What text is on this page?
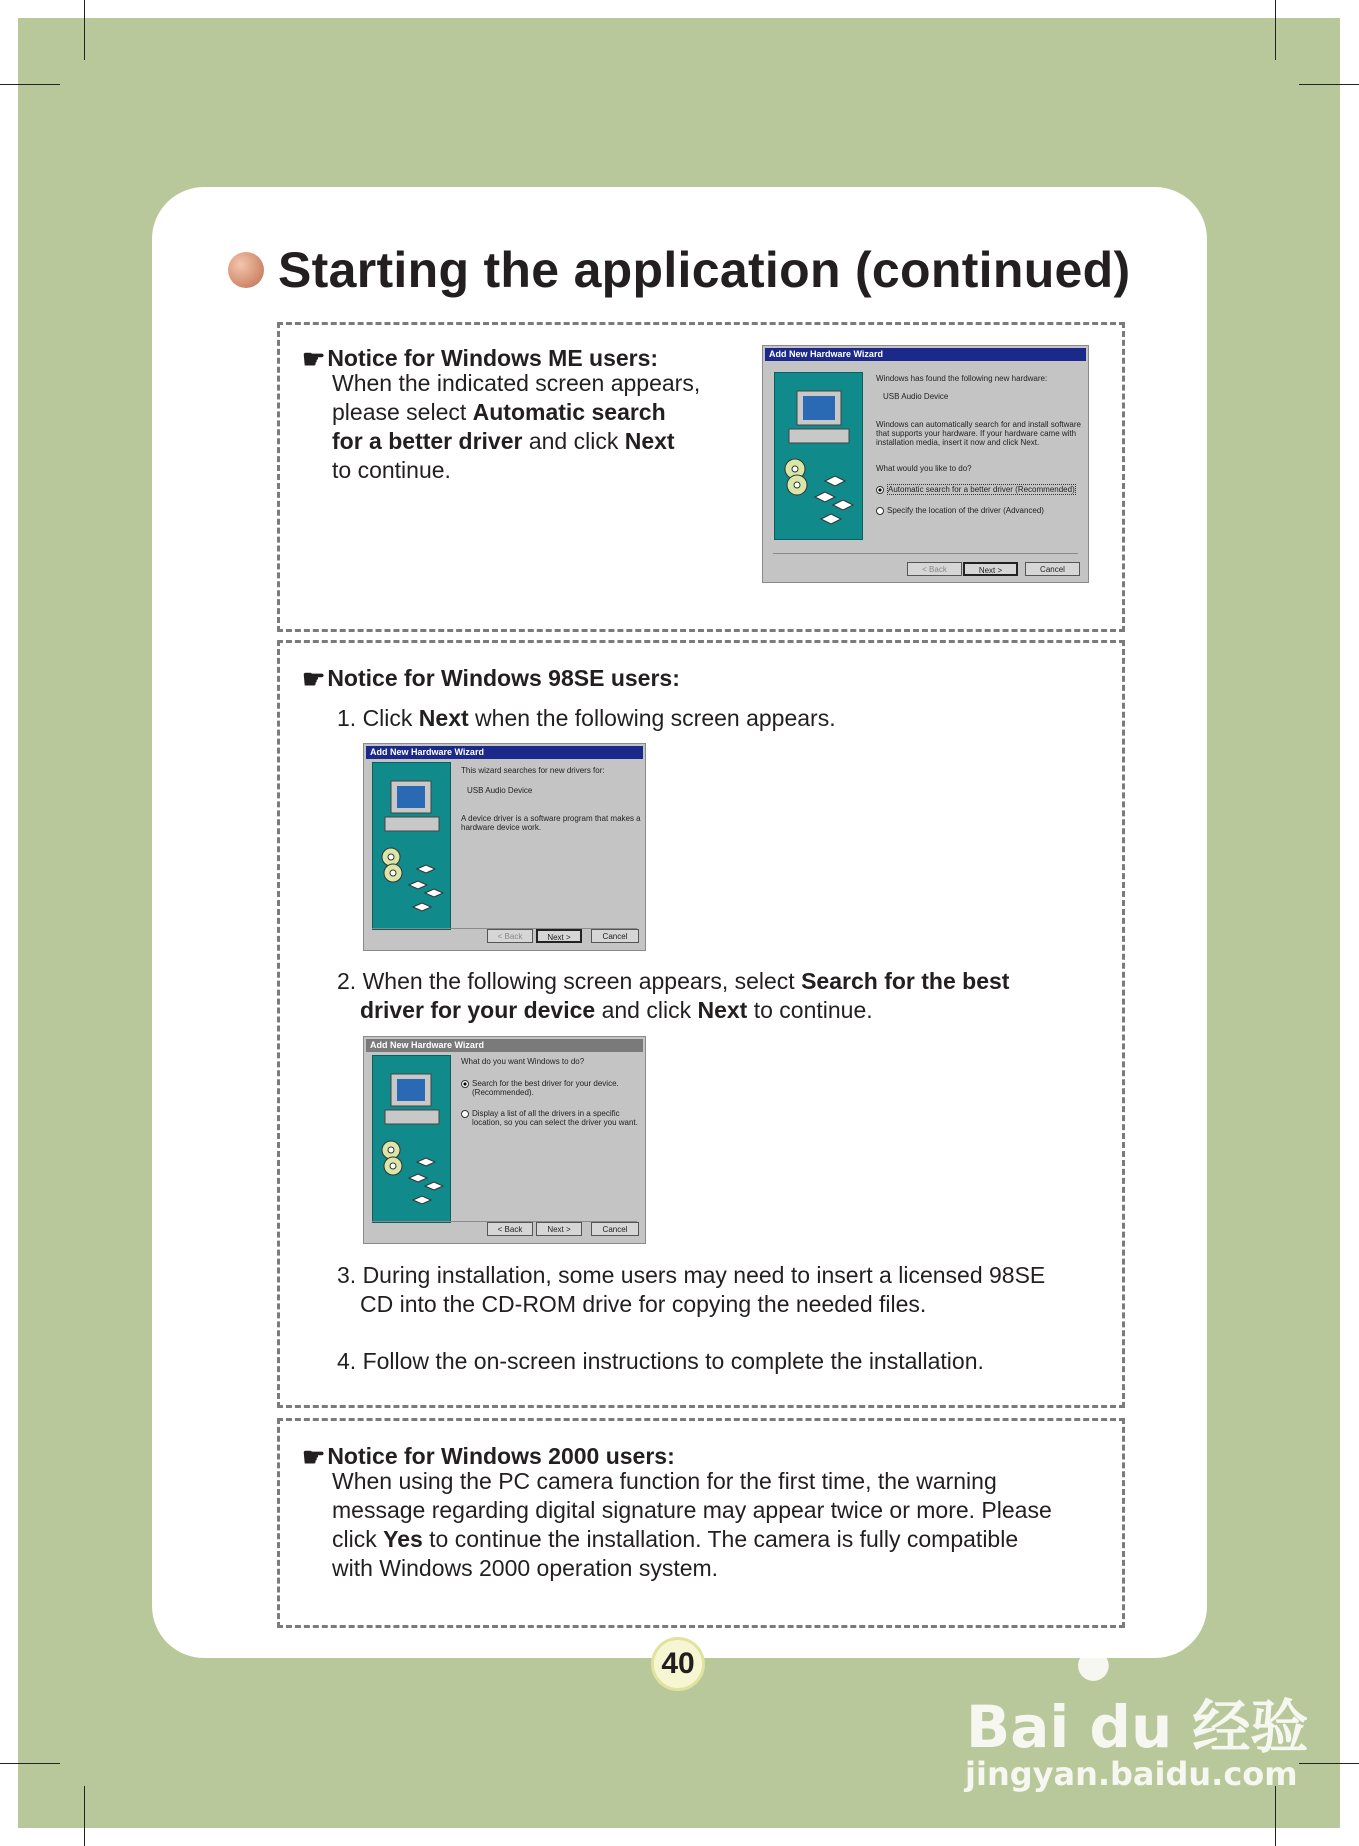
Starting the application (continued)
☛ Notice for Windows ME users:
When the indicated screen appears,
please select Automatic search
for a better driver and click Next
to continue.
Add New Hardware Wizard
Windows has found the following new hardware:
USB Audio Device
Windows can automatically search for and install software
that supports your hardware. If your hardware came with
installation media, insert it now and click Next.
What would you like to do?
Automatic search for a better driver (Recommended)
Specify the location of the driver (Advanced)
< Back	Next >	Cancel
☛ Notice for Windows 98SE users:
1. Click Next when the following screen appears.
Add New Hardware Wizard
This wizard searches for new drivers for:
USB Audio Device
A device driver is a software program that makes a
hardware device work.
< Back	Next >	Cancel
2. When the following screen appears, select Search for the best
driver for your device and click Next to continue.
Add New Hardware Wizard
What do you want Windows to do?
Search for the best driver for your device.
(Recommended).
Display a list of all the drivers in a specific
location, so you can select the driver you want.
< Back	Next >	Cancel
3. During installation, some users may need to insert a licensed 98SE
CD into the CD-ROM drive for copying the needed files.
4. Follow the on-screen instructions to complete the installation.
☛ Notice for Windows 2000 users:
When using the PC camera function for the first time, the warning
message regarding digital signature may appear twice or more. Please
click Yes to continue the installation. The camera is fully compatible
with Windows 2000 operation system.
40
Bai du 经验
●
jingyan.baidu.com
